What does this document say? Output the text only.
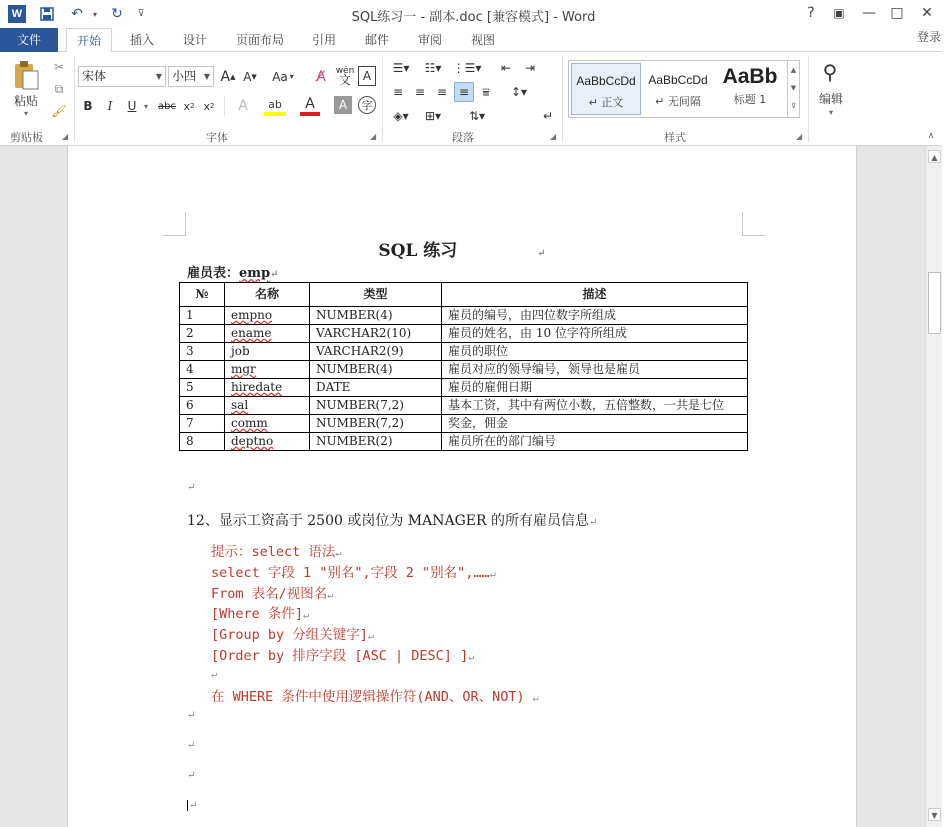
W	↶	▾	↻	⊽	SQL练习一 - 副本.doc [兼容模式] - Word	?	▣	—	□	✕
文件	开始	插入	设计	页面布局	引用	邮件	审阅	视图	登录
粘贴
▾
✂
⧉
🖌
剪贴板 ◢
宋体	▼ 小四 ▼ A ▲ A ▼ Aa ▾	A̸	wén
文 A
B	I	U ▾	abc x 2 x 2	A	ab	A	A	字
字体	◢
☰▾	☷▾ ⋮☰▾	⇤	⇥
≡ ≡ ≡ ≡	⩸	↕▾
◈▾	⊞▾	⇅▾	↵
段落	◢
AaBbCcDd
↵ 正文
AaBbCcDd
↵ 无间隔
AaBb
标题 1
▲
▼
⊽
样式	◢
⚲
编辑
▾
∧
SQL 练习	↵
雇员表：emp↵
№	名称	类型	描述
1	empno	NUMBER(4)	雇员的编号，由四位数字所组成
2	ename	VARCHAR2(10)	雇员的姓名，由 10 位字符所组成
3	job	VARCHAR2(9)	雇员的职位
4	mgr	NUMBER(4)	雇员对应的领导编号，领导也是雇员
5	hiredate	DATE	雇员的雇佣日期
6	sal	NUMBER(7,2)	基本工资，其中有两位小数，五倍整数，一共是七位
7	comm	NUMBER(7,2)	奖金，佣金
8	deptno	NUMBER(2)	雇员所在的部门编号
↵
12、显示工资高于 2500 或岗位为 MANAGER 的所有雇员信息↵
提示：select 语法↵
select 字段 1 "别名",字段 2 "别名",……↵
From 表名/视图名↵
[Where 条件]↵
[Group by 分组关键字]↵
[Order by 排序字段 [ASC | DESC] ]↵
↵
在 WHERE 条件中使用逻辑操作符(AND、OR、NOT) ↵
↵
↵
↵
↵
▲
▼
